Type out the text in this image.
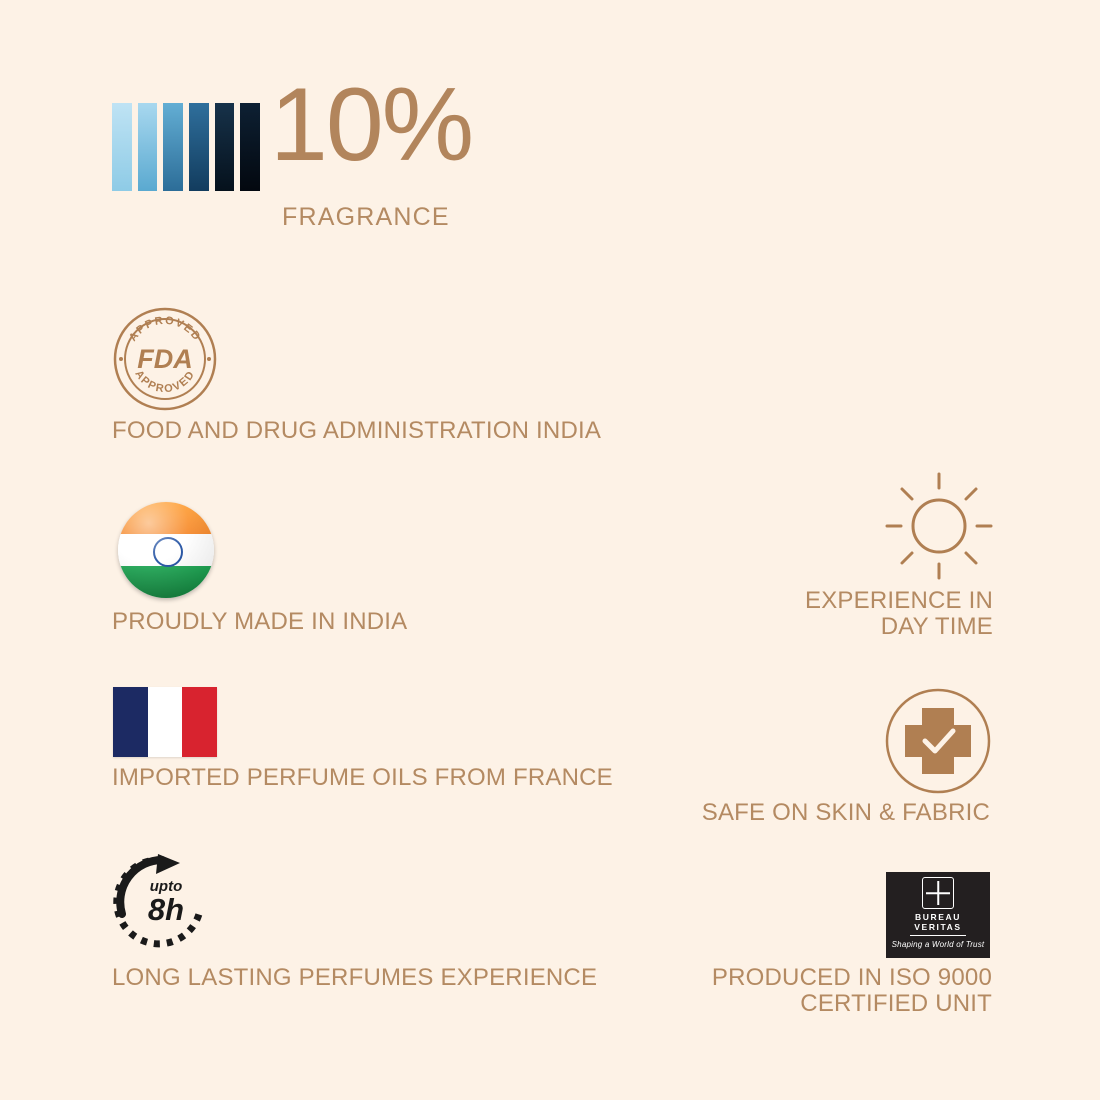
10%
FRAGRANCE
APPROVED
APPROVED
FDA
FOOD AND DRUG ADMINISTRATION INDIA
PROUDLY MADE IN INDIA
IMPORTED PERFUME OILS FROM FRANCE
upto
8h
LONG LASTING PERFUMES EXPERIENCE
EXPERIENCE IN
DAY TIME
SAFE ON SKIN & FABRIC
BUREAU
VERITAS
Shaping a World of Trust
PRODUCED IN ISO 9000
CERTIFIED UNIT
